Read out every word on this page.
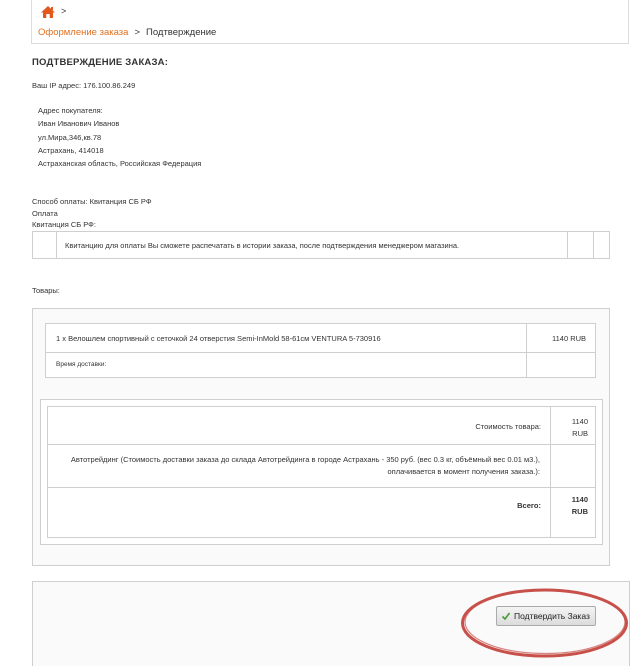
>
Оформление заказа > Подтверждение
ПОДТВЕРЖДЕНИЕ ЗАКАЗА:
Ваш IP адрес: 176.100.86.249
Адрес покупателя:
Иван Иванович Иванов
ул.Мира,346,кв.78
Астрахань, 414018
Астраханская область, Российская Федерация
Способ оплаты: Квитанция СБ РФ
Оплата
Квитанция СБ РФ:
Квитанцию для оплаты Вы сможете распечатать в истории заказа, после подтверждения менеджером магазина.
Товары:
1 x Велошлем спортивный с сеточкой 24 отверстия Semi-InMold 58-61см VENTURA 5-730916	1140 RUB
Время доставки:
Стоимость товара:
1140
RUB
Автотрейдинг (Стоимость доставки заказа до склада Автотрейдинга в городе Астрахань - 350 руб. (вес 0.3 кг, объёмный вес 0.01 м3.),
оплачивается в момент получения заказа.):
Всего:
1140
RUB
Подтвердить Заказ
